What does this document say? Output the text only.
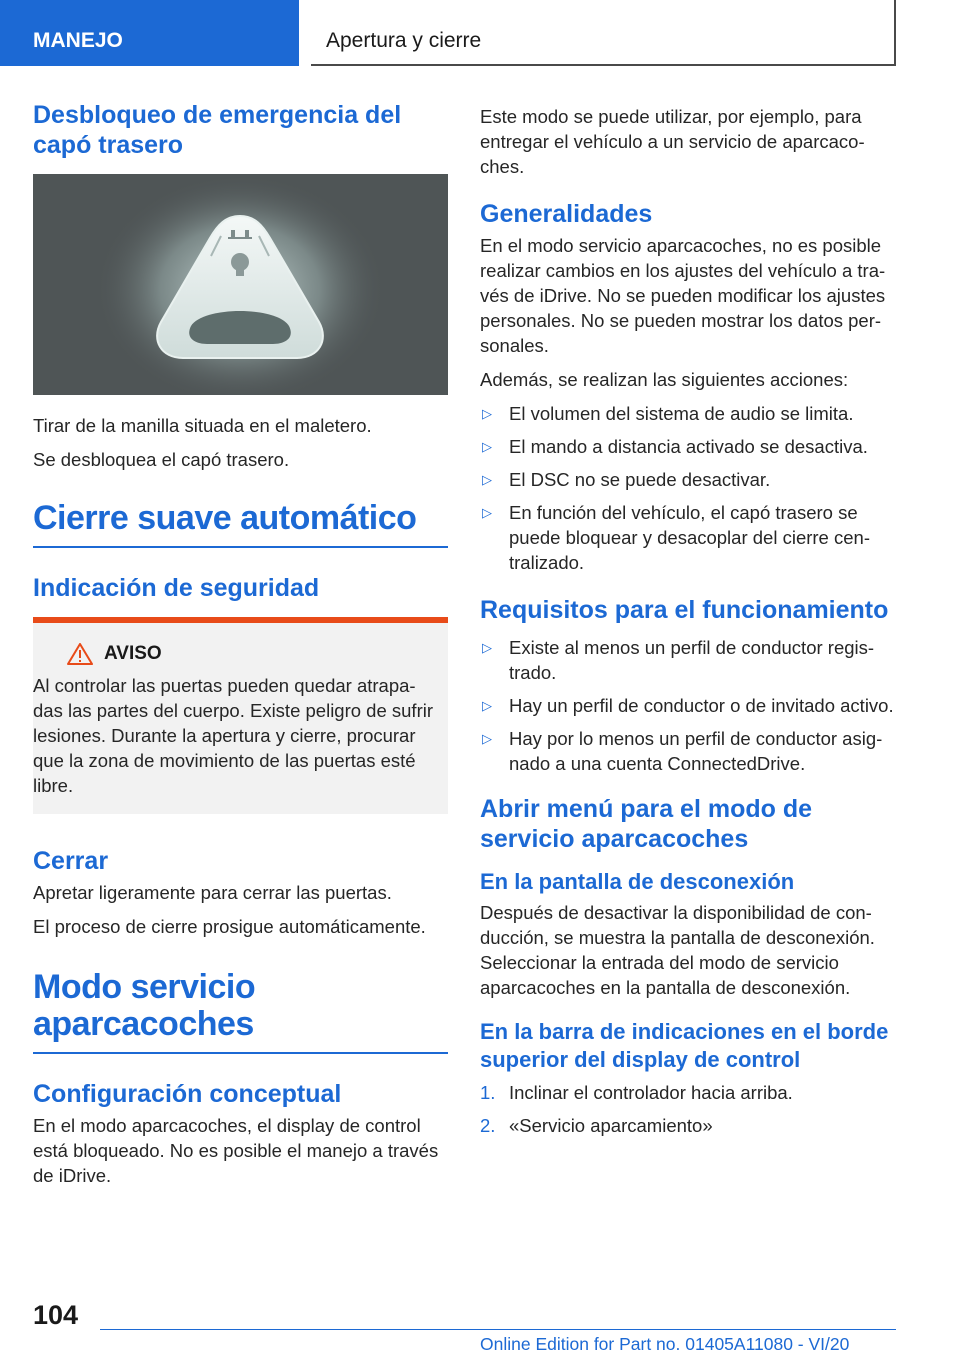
MANEJO	Apertura y cierre
Desbloqueo de emergencia del capó trasero

Tirar de la manilla situada en el maletero.

Se desbloquea el capó trasero.

Cierre suave automático
Indicación de seguridad
AVISO

Al controlar las puertas pueden quedar atrapadas las partes del cuerpo. Existe peligro de sufrir lesiones. Durante la apertura y cierre, procurar que la zona de movimiento de las puertas esté libre.

Cerrar

Apretar ligeramente para cerrar las puertas.

El proceso de cierre prosigue automáticamente.

Modo servicio aparcacoches
Configuración conceptual

En el modo aparcacoches, el display de control está bloqueado. No es posible el manejo a través de iDrive.

Este modo se puede utilizar, por ejemplo, para entregar el vehículo a un servicio de aparcacoches.

Generalidades

En el modo servicio aparcacoches, no es posible realizar cambios en los ajustes del vehículo a través de iDrive. No se pueden modificar los ajustes personales. No se pueden mostrar los datos personales.

Además, se realizan las siguientes acciones:

▷ El volumen del sistema de audio se limita.
▷ El mando a distancia activado se desactiva.
▷ El DSC no se puede desactivar.
▷ En función del vehículo, el capó trasero se puede bloquear y desacoplar del cierre centralizado.
Requisitos para el funcionamiento
▷ Existe al menos un perfil de conductor registrado.
▷ Hay un perfil de conductor o de invitado activo.
▷ Hay por lo menos un perfil de conductor asignado a una cuenta ConnectedDrive.
Abrir menú para el modo de servicio aparcacoches
En la pantalla de desconexión

Después de desactivar la disponibilidad de conducción, se muestra la pantalla de desconexión. Seleccionar la entrada del modo de servicio aparcacoches en la pantalla de desconexión.

En la barra de indicaciones en el borde superior del display de control
1. Inclinar el controlador hacia arriba.
2. «Servicio aparcamiento»
104
Online Edition for Part no. 01405A11080 - VI/20
